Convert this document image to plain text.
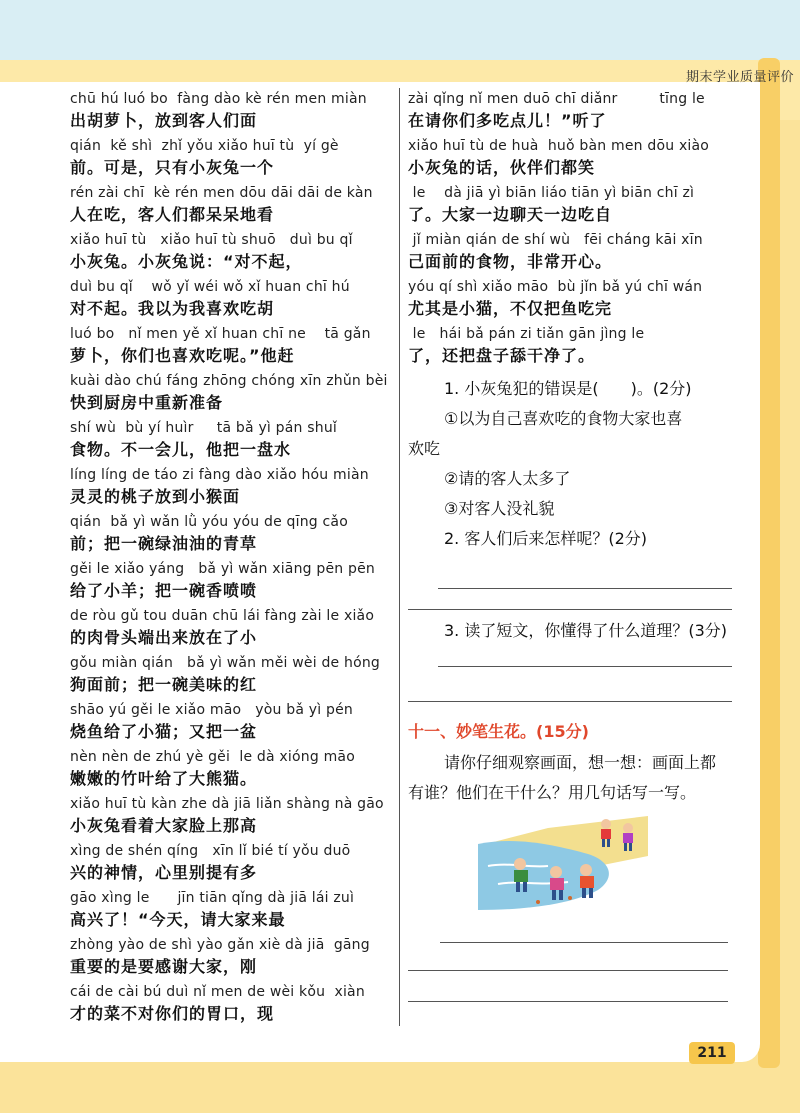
期末学业质量评价
chū hú luó bo  fàng dào kè rén men miàn
出胡萝卜，放到客人们面
qián  kě shì  zhǐ yǒu xiǎo huī tù  yí gè
前。可是，只有小灰兔一个
rén zài chī  kè rén men dōu dāi dāi de kàn
人在吃，客人们都呆呆地看
xiǎo huī tù   xiǎo huī tù shuō   duì bu qǐ
小灰兔。小灰兔说：“对不起，
duì bu qǐ    wǒ yǐ wéi wǒ xǐ huan chī hú
对不起。我以为我喜欢吃胡
luó bo   nǐ men yě xǐ huan chī ne    tā gǎn
萝卜，你们也喜欢吃呢。”他赶
kuài dào chú fáng zhōng chóng xīn zhǔn bèi
快到厨房中重新准备
shí wù  bù yí huìr     tā bǎ yì pán shuǐ
食物。不一会儿，他把一盘水
líng líng de táo zi fàng dào xiǎo hóu miàn
灵灵的桃子放到小猴面
qián  bǎ yì wǎn lǜ yóu yóu de qīng cǎo
前；把一碗绿油油的青草
gěi le xiǎo yáng   bǎ yì wǎn xiāng pēn pēn
给了小羊；把一碗香喷喷
de ròu gǔ tou duān chū lái fàng zài le xiǎo
的肉骨头端出来放在了小
gǒu miàn qián   bǎ yì wǎn měi wèi de hóng
狗面前；把一碗美味的红
shāo yú gěi le xiǎo māo   yòu bǎ yì pén
烧鱼给了小猫；又把一盆
nèn nèn de zhú yè gěi  le dà xióng māo
嫩嫩的竹叶给了大熊猫。
xiǎo huī tù kàn zhe dà jiā liǎn shàng nà gāo
小灰兔看着大家脸上那高
xìng de shén qíng   xīn lǐ bié tí yǒu duō
兴的神情，心里别提有多
gāo xìng le      jīn tiān qǐng dà jiā lái zuì
高兴了！“今天，请大家来最
zhòng yào de shì yào gǎn xiè dà jiā  gāng
重要的是要感谢大家，刚
cái de cài bú duì nǐ men de wèi kǒu  xiàn
才的菜不对你们的胃口，现
zài qǐng nǐ men duō chī diǎnr         tīng le
在请你们多吃点儿！”听了
xiǎo huī tù de huà  huǒ bàn men dōu xiào
小灰兔的话，伙伴们都笑
le    dà jiā yì biān liáo tiān yì biān chī zì
了。大家一边聊天一边吃自
jǐ miàn qián de shí wù   fēi cháng kāi xīn
己面前的食物，非常开心。
yóu qí shì xiǎo māo  bù jǐn bǎ yú chī wán
尤其是小猫，不仅把鱼吃完
le   hái bǎ pán zi tiǎn gān jìng le
了，还把盘子舔干净了。
1. 小灰兔犯的错误是(　　)。(2分)
①以为自己喜欢吃的食物大家也喜
欢吃
②请的客人太多了
③对客人没礼貌
2. 客人们后来怎样呢？(2分)
3. 读了短文，你懂得了什么道理？(3分)
十一、妙笔生花。(15分)
请你仔细观察画面，想一想：画面上都
有谁？他们在干什么？用几句话写一写。
211
